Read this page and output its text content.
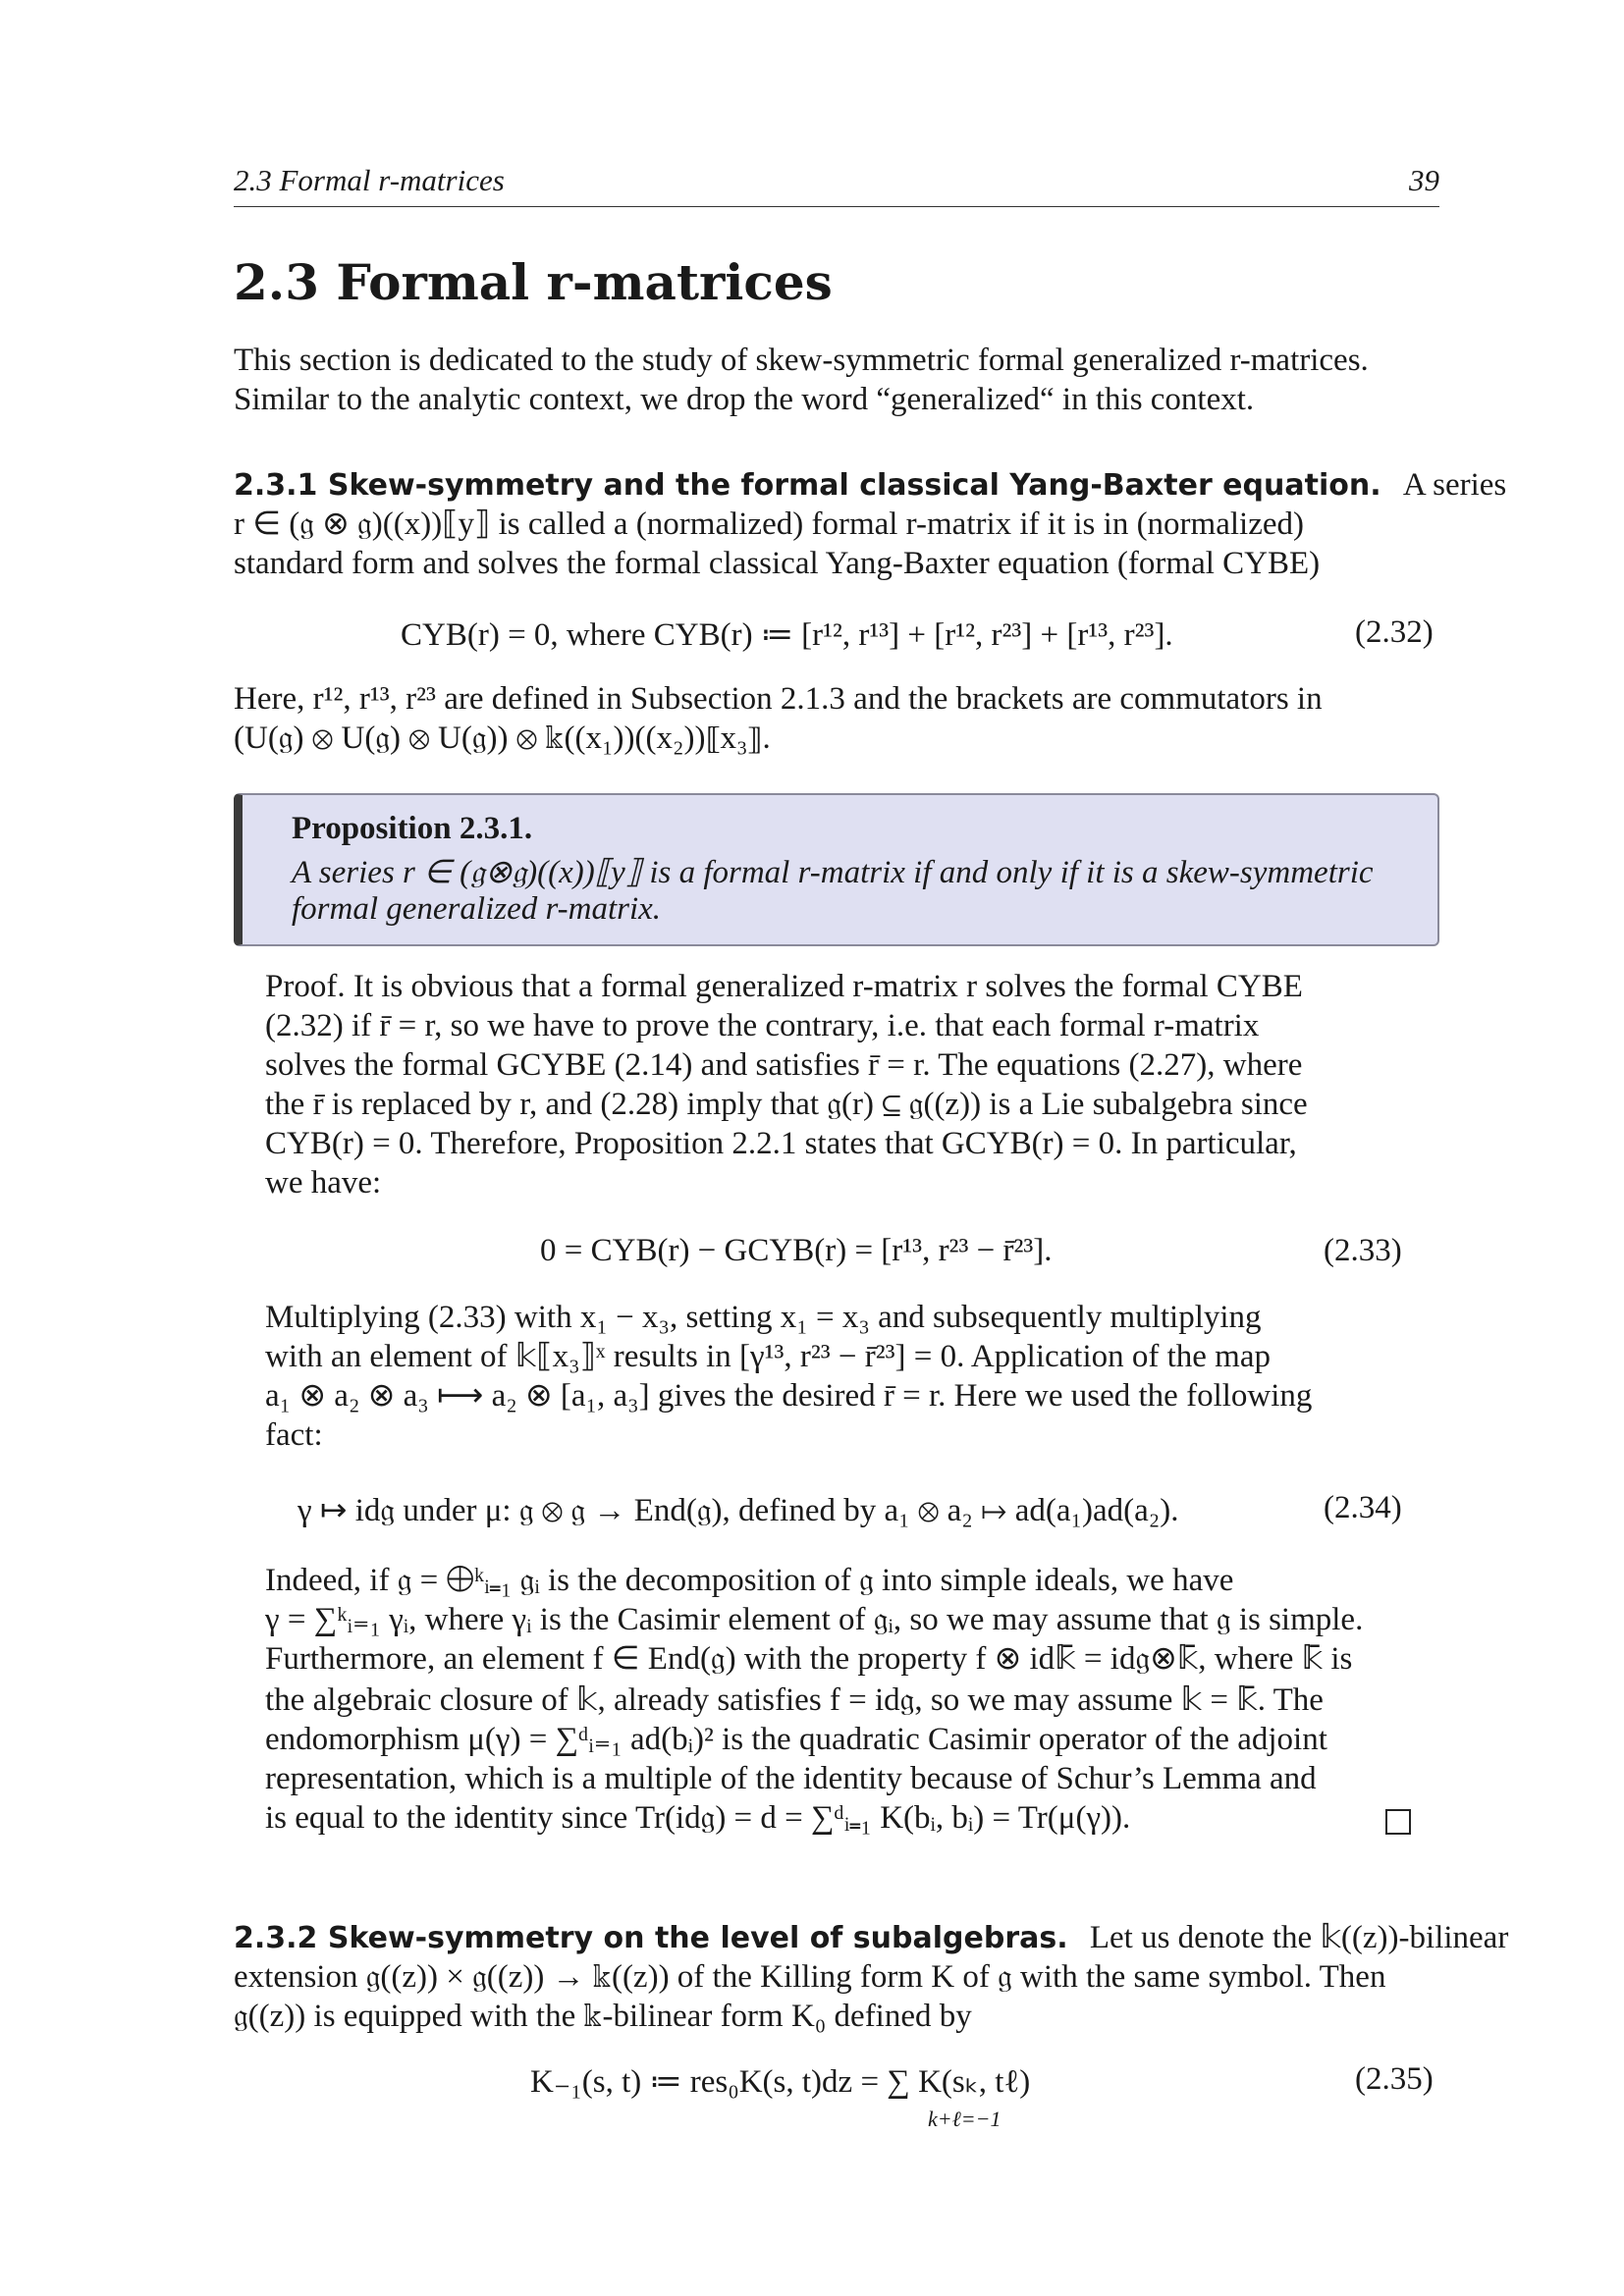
2.3 Formal r-matrices	39
2.3 Formal r-matrices
This section is dedicated to the study of skew-symmetric formal generalized r-matrices.
Similar to the analytic context, we drop the word “generalized“ in this context.
2.3.1 Skew-symmetry and the formal classical Yang-Baxter equation. A series
r ∈ (𝔤 ⊗ 𝔤)((x))⟦y⟧ is called a (normalized) formal r-matrix if it is in (normalized)
standard form and solves the formal classical Yang-Baxter equation (formal CYBE)
CYB(r) = 0, where CYB(r) ≔ [r¹², r¹³] + [r¹², r²³] + [r¹³, r²³].	(2.32)
Here, r¹², r¹³, r²³ are defined in Subsection 2.1.3 and the brackets are commutators in
(U(𝔤) ⊗ U(𝔤) ⊗ U(𝔤)) ⊗ 𝕜((x₁))((x₂))⟦x₃⟧.
Proposition 2.3.1.
A series r ∈ (𝔤⊗𝔤)((x))⟦y⟧ is a formal r-matrix if and only if it is a skew-symmetric
formal generalized r-matrix.
Proof. It is obvious that a formal generalized r-matrix r solves the formal CYBE
(2.32) if r̄ = r, so we have to prove the contrary, i.e. that each formal r-matrix
solves the formal GCYBE (2.14) and satisfies r̄ = r. The equations (2.27), where
the r̄ is replaced by r, and (2.28) imply that 𝔤(r) ⊆ 𝔤((z)) is a Lie subalgebra since
CYB(r) = 0. Therefore, Proposition 2.2.1 states that GCYB(r) = 0. In particular,
we have:
0 = CYB(r) − GCYB(r) = [r¹³, r²³ − r̄²³].	(2.33)
Multiplying (2.33) with x₁ − x₃, setting x₁ = x₃ and subsequently multiplying
with an element of 𝕜⟦x₃⟧ˣ results in [γ¹³, r²³ − r̄²³] = 0. Application of the map
a₁ ⊗ a₂ ⊗ a₃ ⟼ a₂ ⊗ [a₁, a₃] gives the desired r̄ = r. Here we used the following
fact:
γ ↦ id𝔤 under μ: 𝔤 ⊗ 𝔤 → End(𝔤), defined by a₁ ⊗ a₂ ↦ ad(a₁)ad(a₂).	(2.34)
Indeed, if 𝔤 = ⨁ᵏᵢ₌₁ 𝔤ᵢ is the decomposition of 𝔤 into simple ideals, we have
γ = ∑ᵏᵢ₌₁ γᵢ, where γᵢ is the Casimir element of 𝔤ᵢ, so we may assume that 𝔤 is simple.
Furthermore, an element f ∈ End(𝔤) with the property f ⊗ id𝕜̄ = id𝔤⊗𝕜̄, where 𝕜̄ is
the algebraic closure of 𝕜, already satisfies f = id𝔤, so we may assume 𝕜 = 𝕜̄. The
endomorphism μ(γ) = ∑ᵈᵢ₌₁ ad(bᵢ)² is the quadratic Casimir operator of the adjoint
representation, which is a multiple of the identity because of Schur’s Lemma and
is equal to the identity since Tr(id𝔤) = d = ∑ᵈᵢ₌₁ K(bᵢ, bᵢ) = Tr(μ(γ)).
2.3.2 Skew-symmetry on the level of subalgebras. Let us denote the 𝕜((z))-bilinear
extension 𝔤((z)) × 𝔤((z)) → 𝕜((z)) of the Killing form K of 𝔤 with the same symbol. Then
𝔤((z)) is equipped with the 𝕜-bilinear form K₀ defined by
K₋₁(s, t) ≔ res₀K(s, t)dz = ∑ K(sₖ, tℓ)
k+ℓ=−1
(2.35)
